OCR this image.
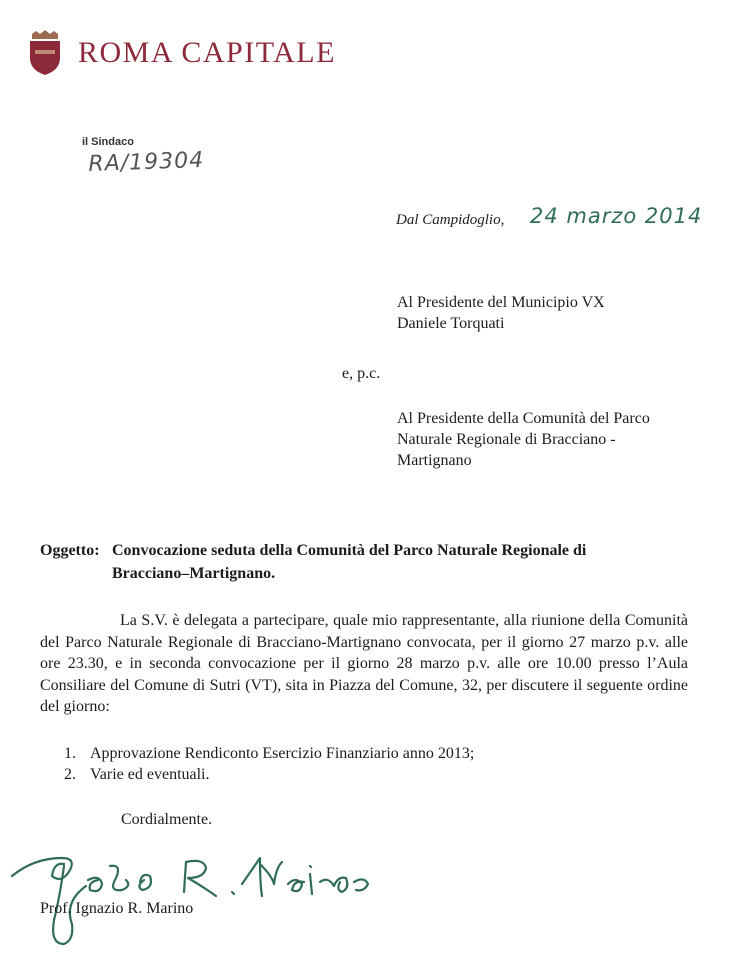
ROMA CAPITALE
il Sindaco
RA/19304
Dal Campidoglio, 24 marzo 2014
Al Presidente del Municipio VX
Daniele Torquati
e, p.c.
Al Presidente della Comunità del Parco
Naturale Regionale di Bracciano -
Martignano
Oggetto: Convocazione seduta della Comunità del Parco Naturale Regionale di
Bracciano–Martignano.
La S.V. è delegata a partecipare, quale mio rappresentante, alla riunione della Comunità del Parco Naturale Regionale di Bracciano-Martignano convocata, per il giorno 27 marzo p.v. alle ore 23.30, e in seconda convocazione per il giorno 28 marzo p.v. alle ore 10.00 presso l’Aula Consiliare del Comune di Sutri (VT), sita in Piazza del Comune, 32, per discutere il seguente ordine del giorno:
1. Approvazione Rendiconto Esercizio Finanziario anno 2013;
2. Varie ed eventuali.
Cordialmente.
Prof. Ignazio R. Marino
